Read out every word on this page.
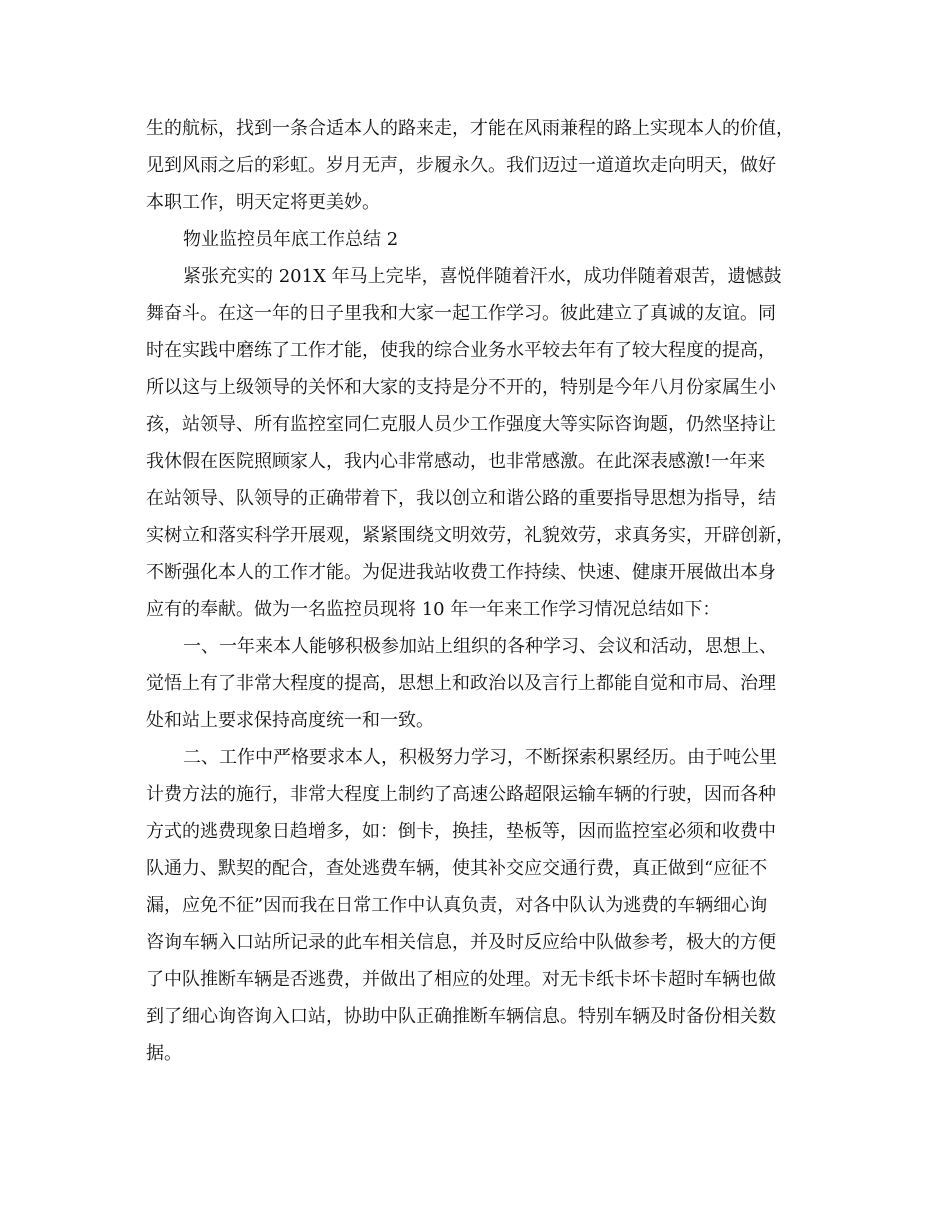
生的航标，找到一条合适本人的路来走，才能在风雨兼程的路上实现本人的价值，

见到风雨之后的彩虹。岁月无声，步履永久。我们迈过一道道坎走向明天，做好

本职工作，明天定将更美妙。

物业监控员年底工作总结 2

紧张充实的 201X 年马上完毕，喜悦伴随着汗水，成功伴随着艰苦，遗憾鼓

舞奋斗。在这一年的日子里我和大家一起工作学习。彼此建立了真诚的友谊。同

时在实践中磨练了工作才能，使我的综合业务水平较去年有了较大程度的提高，

所以这与上级领导的关怀和大家的支持是分不开的，特别是今年八月份家属生小

孩，站领导、所有监控室同仁克服人员少工作强度大等实际咨询题，仍然坚持让

我休假在医院照顾家人，我内心非常感动，也非常感激。在此深表感激!一年来

在站领导、队领导的正确带着下，我以创立和谐公路的重要指导思想为指导，结

实树立和落实科学开展观，紧紧围绕文明效劳，礼貌效劳，求真务实，开辟创新，

不断强化本人的工作才能。为促进我站收费工作持续、快速、健康开展做出本身

应有的奉献。做为一名监控员现将 10 年一年来工作学习情况总结如下：

一、一年来本人能够积极参加站上组织的各种学习、会议和活动，思想上、

觉悟上有了非常大程度的提高，思想上和政治以及言行上都能自觉和市局、治理

处和站上要求保持高度统一和一致。

二、工作中严格要求本人，积极努力学习，不断探索积累经历。由于吨公里

计费方法的施行，非常大程度上制约了高速公路超限运输车辆的行驶，因而各种

方式的逃费现象日趋增多，如：倒卡，换挂，垫板等，因而监控室必须和收费中

队通力、默契的配合，查处逃费车辆，使其补交应交通行费，真正做到“应征不

漏，应免不征”因而我在日常工作中认真负责，对各中队认为逃费的车辆细心询

咨询车辆入口站所记录的此车相关信息，并及时反应给中队做参考，极大的方便

了中队推断车辆是否逃费，并做出了相应的处理。对无卡纸卡坏卡超时车辆也做

到了细心询咨询入口站，协助中队正确推断车辆信息。特别车辆及时备份相关数

据。
